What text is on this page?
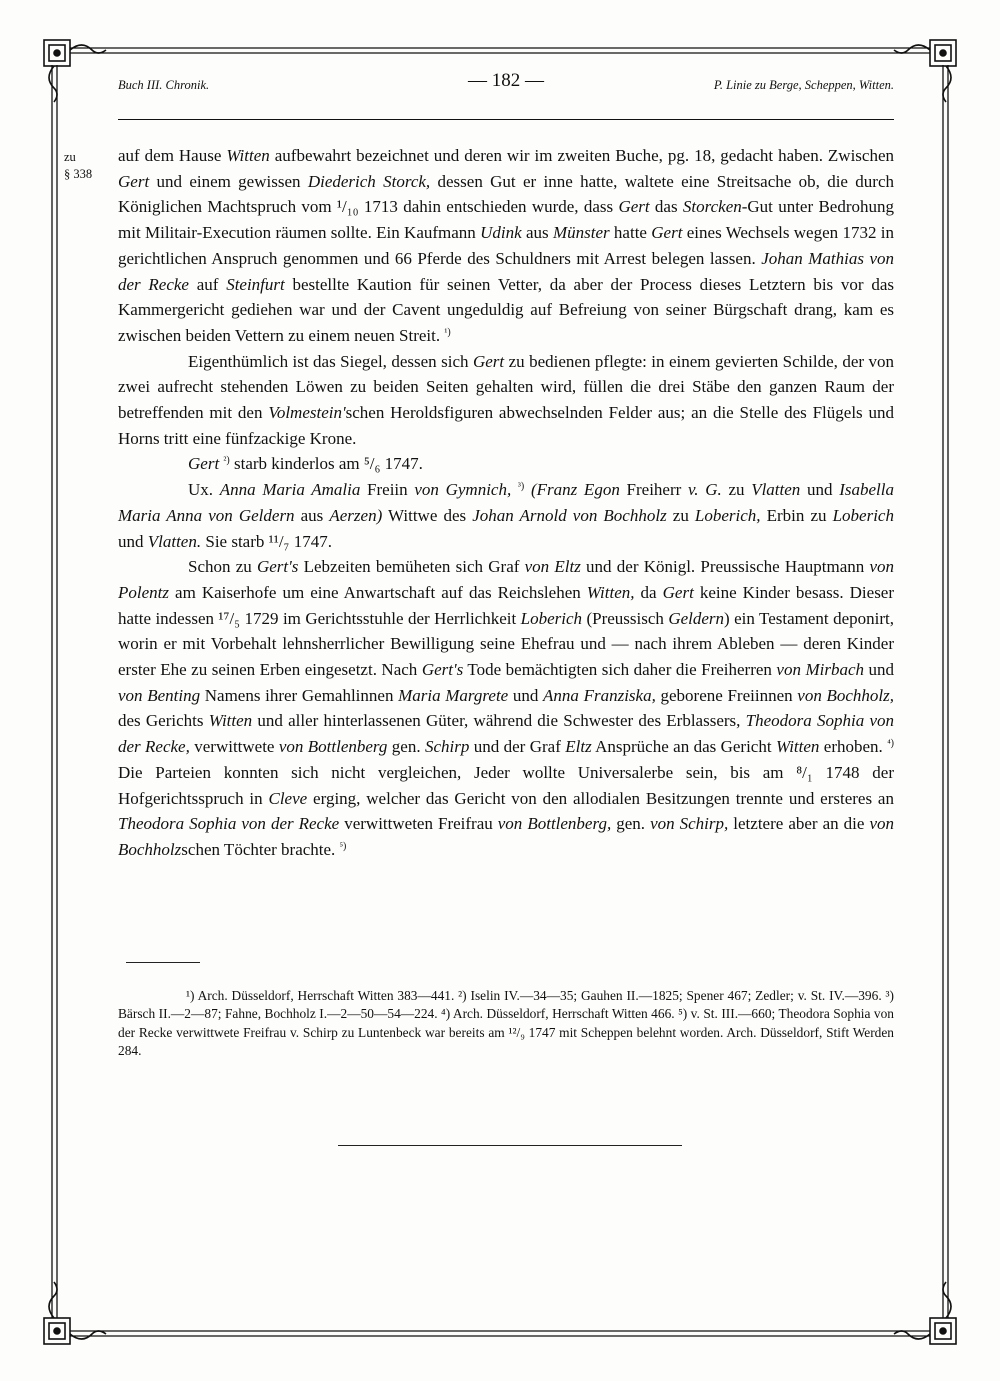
Buch III. Chronik.	— 182 —	P. Linie zu Berge, Scheppen, Witten.
zu
§ 338

auf dem Hause Witten aufbewahrt bezeichnet und deren wir im zweiten Buche, pg. 18, gedacht haben. Zwischen Gert und einem gewissen Diederich Storck, dessen Gut er inne hatte, waltete eine Streitsache ob, die durch Königlichen Machtspruch vom ¹/₁₀ 1713 dahin entschieden wurde, dass Gert das Storcken-Gut unter Bedrohung mit Militair-Execution räumen sollte. Ein Kaufmann Udink aus Münster hatte Gert eines Wechsels wegen 1732 in gerichtlichen Anspruch genommen und 66 Pferde des Schuldners mit Arrest belegen lassen. Johan Mathias von der Recke auf Steinfurt bestellte Kaution für seinen Vetter, da aber der Process dieses Letztern bis vor das Kammergericht gediehen war und der Cavent ungeduldig auf Befreiung von seiner Bürgschaft drang, kam es zwischen beiden Vettern zu einem neuen Streit. $^{^1)}$

Eigenthümlich ist das Siegel, dessen sich Gert zu bedienen pflegte: in einem gevierten Schilde, der von zwei aufrecht stehenden Löwen zu beiden Seiten gehalten wird, füllen die drei Stäbe den ganzen Raum der betreffenden mit den Volmestein'schen Heroldsfiguren abwechselnden Felder aus; an die Stelle des Flügels und Horns tritt eine fünfzackige Krone.

Gert $^{^2)}$ starb kinderlos am ⁵/₆ 1747.

Ux. Anna Maria Amalia Freiin von Gymnich, $^{^3)}$ (Franz Egon Freiherr v. G. zu Vlatten und Isabella Maria Anna von Geldern aus Aerzen) Wittwe des Johan Arnold von Bochholz zu Loberich, Erbin zu Loberich und Vlatten. Sie starb ¹¹/₇ 1747.

Schon zu Gert's Lebzeiten bemüheten sich Graf von Eltz und der Königl. Preussische Hauptmann von Polentz am Kaiserhofe um eine Anwartschaft auf das Reichslehen Witten, da Gert keine Kinder besass. Dieser hatte indessen ¹⁷/₅ 1729 im Gerichtsstuhle der Herrlichkeit Loberich (Preussisch Geldern) ein Testament deponirt, worin er mit Vorbehalt lehnsherrlicher Bewilligung seine Ehefrau und — nach ihrem Ableben — deren Kinder erster Ehe zu seinen Erben eingesetzt. Nach Gert's Tode bemächtigten sich daher die Freiherren von Mirbach und von Benting Namens ihrer Gemahlinnen Maria Margrete und Anna Franziska, geborene Freiinnen von Bochholz, des Gerichts Witten und aller hinterlassenen Güter, während die Schwester des Erblassers, Theodora Sophia von der Recke, verwittwete von Bottlenberg gen. Schirp und der Graf Eltz Ansprüche an das Gericht Witten erhoben. $^{^4)}$ Die Parteien konnten sich nicht vergleichen, Jeder wollte Universalerbe sein, bis am ⁸/₁ 1748 der Hofgerichtsspruch in Cleve erging, welcher das Gericht von den allodialen Besitzungen trennte und ersteres an Theodora Sophia von der Recke verwittweten Freifrau von Bottlenberg, gen. von Schirp, letztere aber an die von Bochholzschen Töchter brachte. $^{^5)}$

¹) Arch. Düsseldorf, Herrschaft Witten 383—441. ²) Iselin IV.—34—35; Gauhen II.—1825; Spener 467; Zedler; v. St. IV.—396. ³) Bärsch II.—2—87; Fahne, Bochholz I.—2—50—54—224. ⁴) Arch. Düsseldorf, Herrschaft Witten 466. ⁵) v. St. III.—660; Theodora Sophia von der Recke verwittwete Freifrau v. Schirp zu Luntenbeck war bereits am ¹²/₉ 1747 mit Scheppen belehnt worden. Arch. Düsseldorf, Stift Werden 284.
